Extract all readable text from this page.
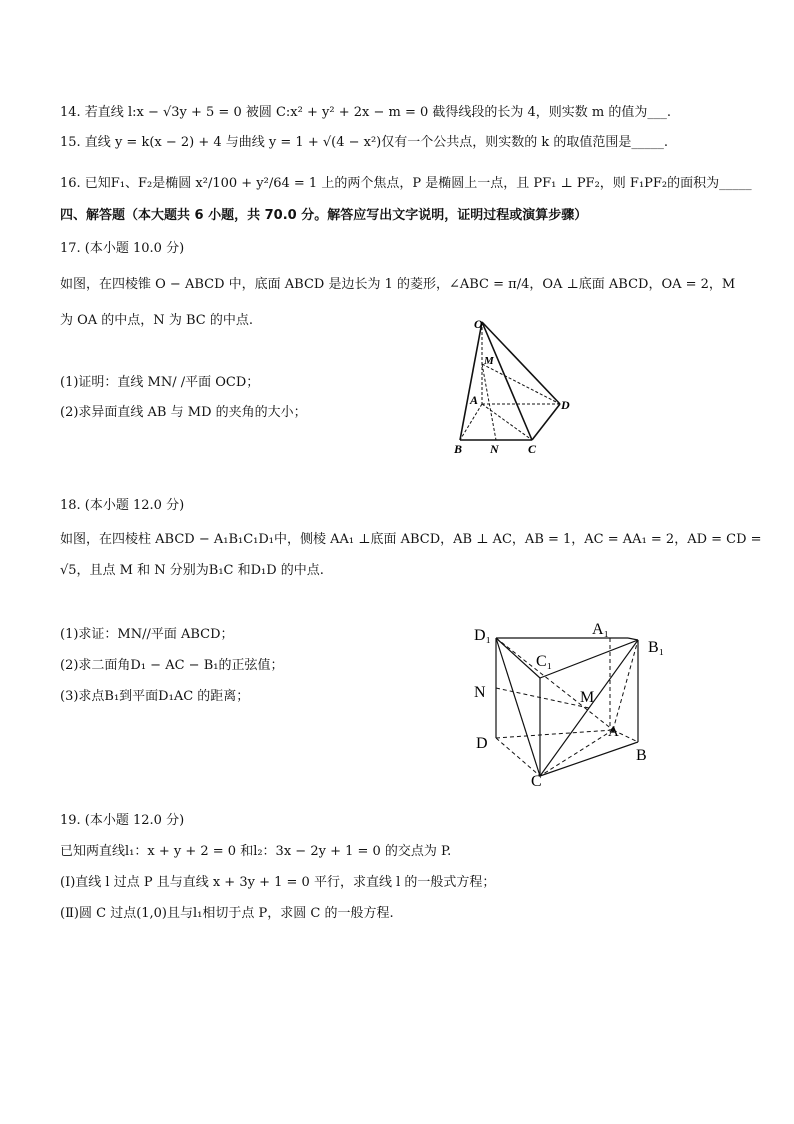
14. 若直线 l:x − √3y + 5 = 0 被圆 C:x² + y² + 2x − m = 0 截得线段的长为 4，则实数 m 的值为___.
15. 直线 y = k(x − 2) + 4 与曲线 y = 1 + √(4 − x²)仅有一个公共点，则实数的 k 的取值范围是_____.
16. 已知F₁、F₂是椭圆 x²/100 + y²/64 = 1 上的两个焦点，P 是椭圆上一点，且 PF₁ ⊥ PF₂，则 F₁PF₂的面积为_____
四、解答题（本大题共 6 小题，共 70.0 分。解答应写出文字说明，证明过程或演算步骤）
17. (本小题 10.0 分)
如图，在四棱锥 O − ABCD 中，底面 ABCD 是边长为 1 的菱形，∠ABC = π/4，OA ⊥底面 ABCD，OA = 2，M
为 OA 的中点，N 为 BC 的中点.
(1)证明：直线 MN/ /平面 OCD；
(2)求异面直线 AB 与 MD 的夹角的大小；
O
M
A	D
B N C
18. (本小题 12.0 分)
如图，在四棱柱 ABCD − A₁B₁C₁D₁中，侧棱 AA₁ ⊥底面 ABCD，AB ⊥ AC，AB = 1，AC = AA₁ = 2，AD = CD =
√5，且点 M 和 N 分别为B₁C 和D₁D 的中点.
(1)求证：MN//平面 ABCD；
(2)求二面角D₁ − AC − B₁的正弦值；
(3)求点B₁到平面D₁AC 的距离；
D₁	A₁
B₁
C₁
N	M
A
D
B
C
19. (本小题 12.0 分)
已知两直线l₁：x + y + 2 = 0 和l₂：3x − 2y + 1 = 0 的交点为 P.
(Ⅰ)直线 l 过点 P 且与直线 x + 3y + 1 = 0 平行，求直线 l 的一般式方程；
(Ⅱ)圆 C 过点(1,0)且与l₁相切于点 P，求圆 C 的一般方程.
